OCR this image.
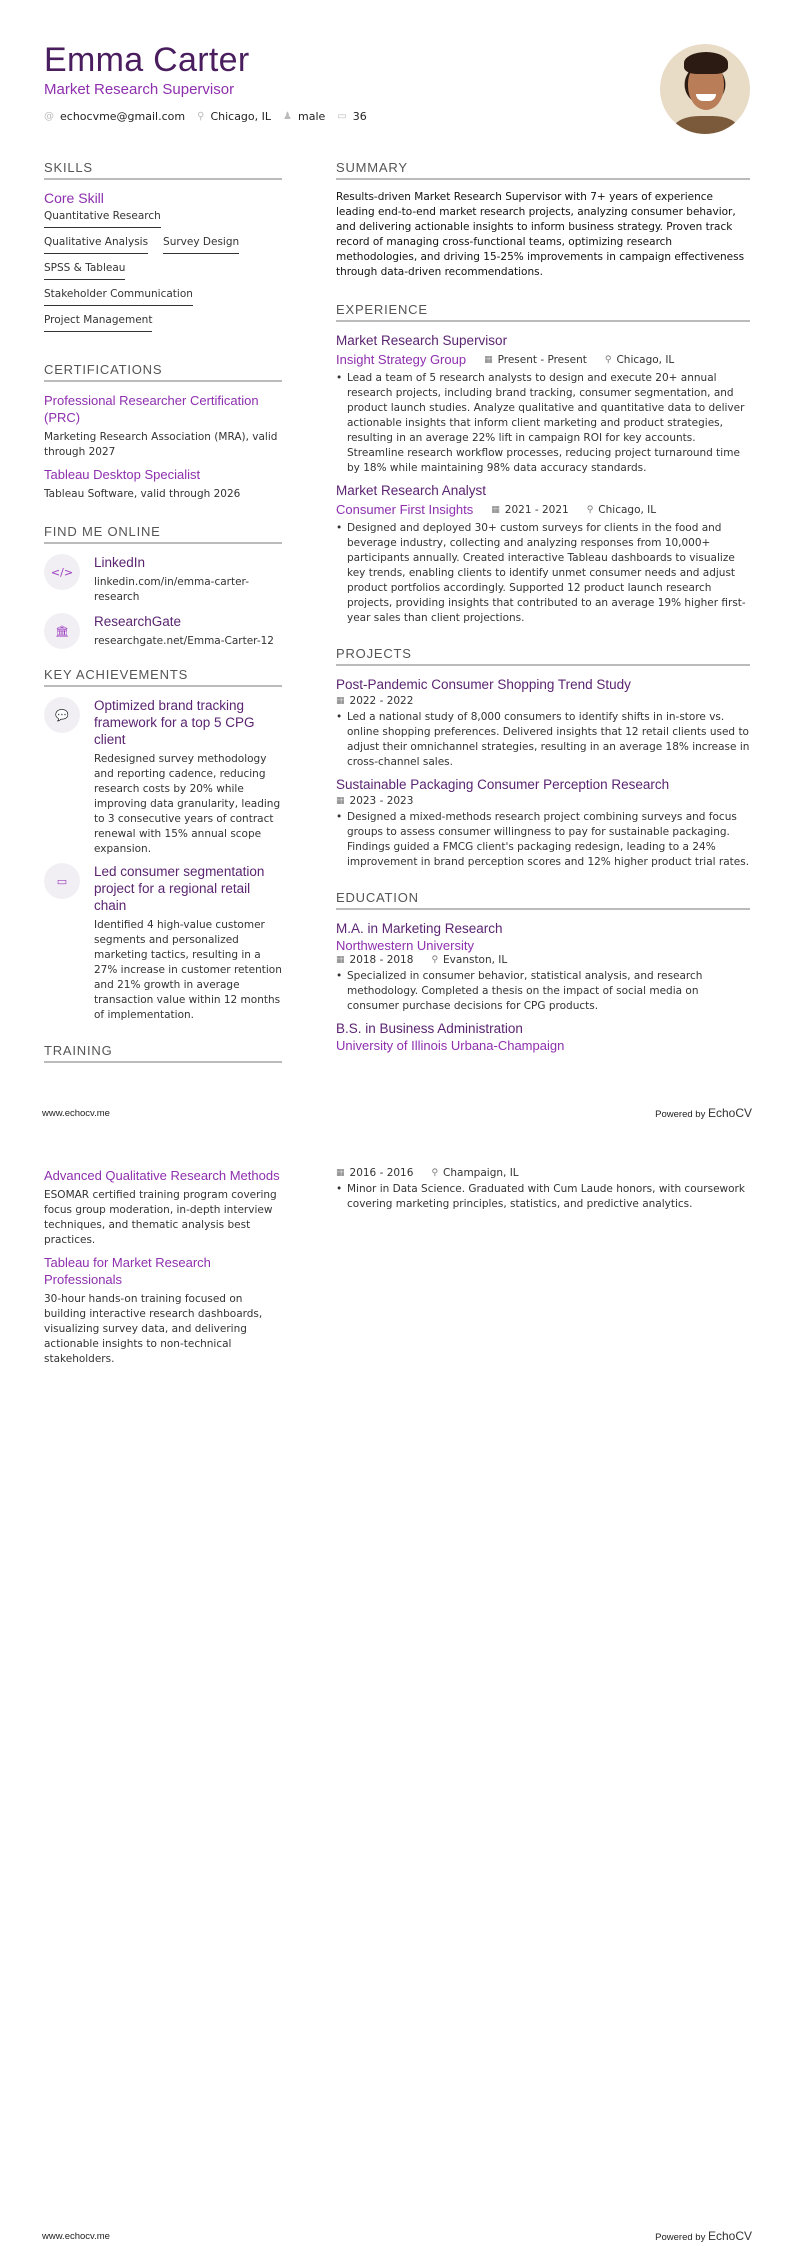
Emma Carter
Market Research Supervisor
@ echocvme@gmail.com ⚲ Chicago, IL ♟ male ▭ 36
SKILLS
Core Skill
Quantitative Research
Qualitative Analysis Survey Design
SPSS & Tableau
Stakeholder Communication
Project Management
CERTIFICATIONS
Professional Researcher Certification (PRC)
Marketing Research Association (MRA), valid through 2027
Tableau Desktop Specialist
Tableau Software, valid through 2026
FIND ME ONLINE
</>
LinkedIn
linkedin.com/in/emma-carter-research
🏛
ResearchGate
researchgate.net/Emma-Carter-12
KEY ACHIEVEMENTS
💬
Optimized brand tracking framework for a top 5 CPG client
Redesigned survey methodology and reporting cadence, reducing research costs by 20% while improving data granularity, leading to 3 consecutive years of contract renewal with 15% annual scope expansion.
▭
Led consumer segmentation project for a regional retail chain
Identified 4 high-value customer segments and personalized marketing tactics, resulting in a 27% increase in customer retention and 21% growth in average transaction value within 12 months of implementation.
TRAINING
SUMMARY
Results-driven Market Research Supervisor with 7+ years of experience leading end-to-end market research projects, analyzing consumer behavior, and delivering actionable insights to inform business strategy. Proven track record of managing cross-functional teams, optimizing research methodologies, and driving 15-25% improvements in campaign effectiveness through data-driven recommendations.
EXPERIENCE
Market Research Supervisor
Insight Strategy Group ▦ Present - Present ⚲ Chicago, IL
• Lead a team of 5 research analysts to design and execute 20+ annual research projects, including brand tracking, consumer segmentation, and product launch studies. Analyze qualitative and quantitative data to deliver actionable insights that inform client marketing and product strategies, resulting in an average 22% lift in campaign ROI for key accounts. Streamline research workflow processes, reducing project turnaround time by 18% while maintaining 98% data accuracy standards.
Market Research Analyst
Consumer First Insights ▦ 2021 - 2021 ⚲ Chicago, IL
• Designed and deployed 30+ custom surveys for clients in the food and beverage industry, collecting and analyzing responses from 10,000+ participants annually. Created interactive Tableau dashboards to visualize key trends, enabling clients to identify unmet consumer needs and adjust product portfolios accordingly. Supported 12 product launch research projects, providing insights that contributed to an average 19% higher first-year sales than client projections.
PROJECTS
Post-Pandemic Consumer Shopping Trend Study
▦ 2022 - 2022
• Led a national study of 8,000 consumers to identify shifts in in-store vs. online shopping preferences. Delivered insights that 12 retail clients used to adjust their omnichannel strategies, resulting in an average 18% increase in cross-channel sales.
Sustainable Packaging Consumer Perception Research
▦ 2023 - 2023
• Designed a mixed-methods research project combining surveys and focus groups to assess consumer willingness to pay for sustainable packaging. Findings guided a FMCG client's packaging redesign, leading to a 24% improvement in brand perception scores and 12% higher product trial rates.
EDUCATION
M.A. in Marketing Research
Northwestern University
▦ 2018 - 2018 ⚲ Evanston, IL
• Specialized in consumer behavior, statistical analysis, and research methodology. Completed a thesis on the impact of social media on consumer purchase decisions for CPG products.
B.S. in Business Administration
University of Illinois Urbana-Champaign
www.echocv.me	Powered by EchoCV
Advanced Qualitative Research Methods
ESOMAR certified training program covering focus group moderation, in-depth interview techniques, and thematic analysis best practices.
Tableau for Market Research Professionals
30-hour hands-on training focused on building interactive research dashboards, visualizing survey data, and delivering actionable insights to non-technical stakeholders.
▦ 2016 - 2016 ⚲ Champaign, IL
• Minor in Data Science. Graduated with Cum Laude honors, with coursework covering marketing principles, statistics, and predictive analytics.
www.echocv.me	Powered by EchoCV
